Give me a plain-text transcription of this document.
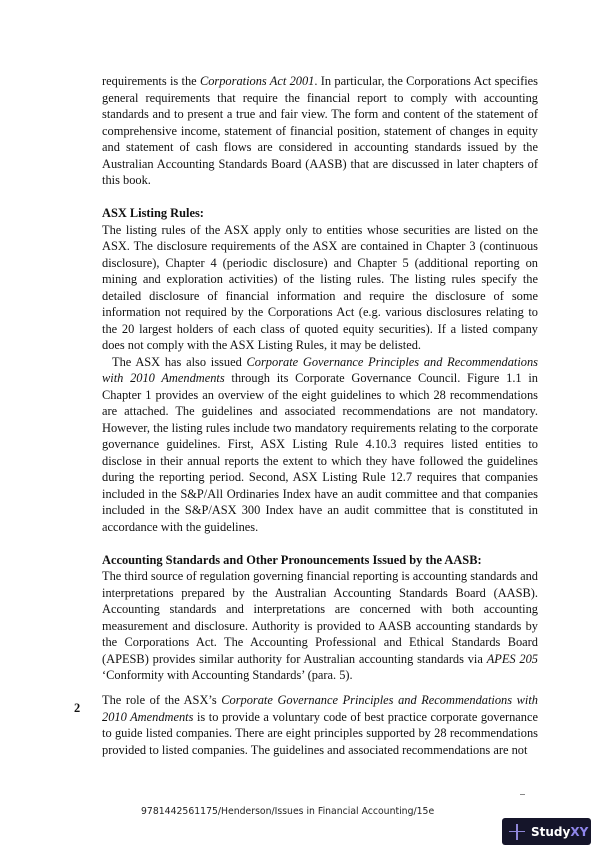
requirements is the Corporations Act 2001. In particular, the Corporations Act specifies general requirements that require the financial report to comply with accounting standards and to present a true and fair view. The form and content of the statement of comprehensive income, statement of financial position, statement of changes in equity and statement of cash flows are considered in accounting standards issued by the Australian Accounting Standards Board (AASB) that are discussed in later chapters of this book.

ASX Listing Rules:

The listing rules of the ASX apply only to entities whose securities are listed on the ASX. The disclosure requirements of the ASX are contained in Chapter 3 (continuous disclosure), Chapter 4 (periodic disclosure) and Chapter 5 (additional reporting on mining and exploration activities) of the listing rules. The listing rules specify the detailed disclosure of financial information and require the disclosure of some information not required by the Corporations Act (e.g. various disclosures relating to the 20 largest holders of each class of quoted equity securities). If a listed company does not comply with the ASX Listing Rules, it may be delisted.

The ASX has also issued Corporate Governance Principles and Recommendations with 2010 Amendments through its Corporate Governance Council. Figure 1.1 in Chapter 1 provides an overview of the eight guidelines to which 28 recommendations are attached. The guidelines and associated recommendations are not mandatory. However, the listing rules include two mandatory requirements relating to the corporate governance guidelines. First, ASX Listing Rule 4.10.3 requires listed entities to disclose in their annual reports the extent to which they have followed the guidelines during the reporting period. Second, ASX Listing Rule 12.7 requires that companies included in the S&P/All Ordinaries Index have an audit committee and that companies included in the S&P/ASX 300 Index have an audit committee that is constituted in accordance with the guidelines.

Accounting Standards and Other Pronouncements Issued by the AASB:

The third source of regulation governing financial reporting is accounting standards and interpretations prepared by the Australian Accounting Standards Board (AASB). Accounting standards and interpretations are concerned with both accounting measurement and disclosure. Authority is provided to AASB accounting standards by the Corporations Act. The Accounting Professional and Ethical Standards Board (APESB) provides similar authority for Australian accounting standards via APES 205 ‘Conformity with Accounting Standards’ (para. 5).

2

The role of the ASX’s Corporate Governance Principles and Recommendations with 2010 Amendments is to provide a voluntary code of best practice corporate governance to guide listed companies. There are eight principles supported by 28 recommendations provided to listed companies. The guidelines and associated recommendations are not

9781442561175/Henderson/Issues in Financial Accounting/15e
Study XY
